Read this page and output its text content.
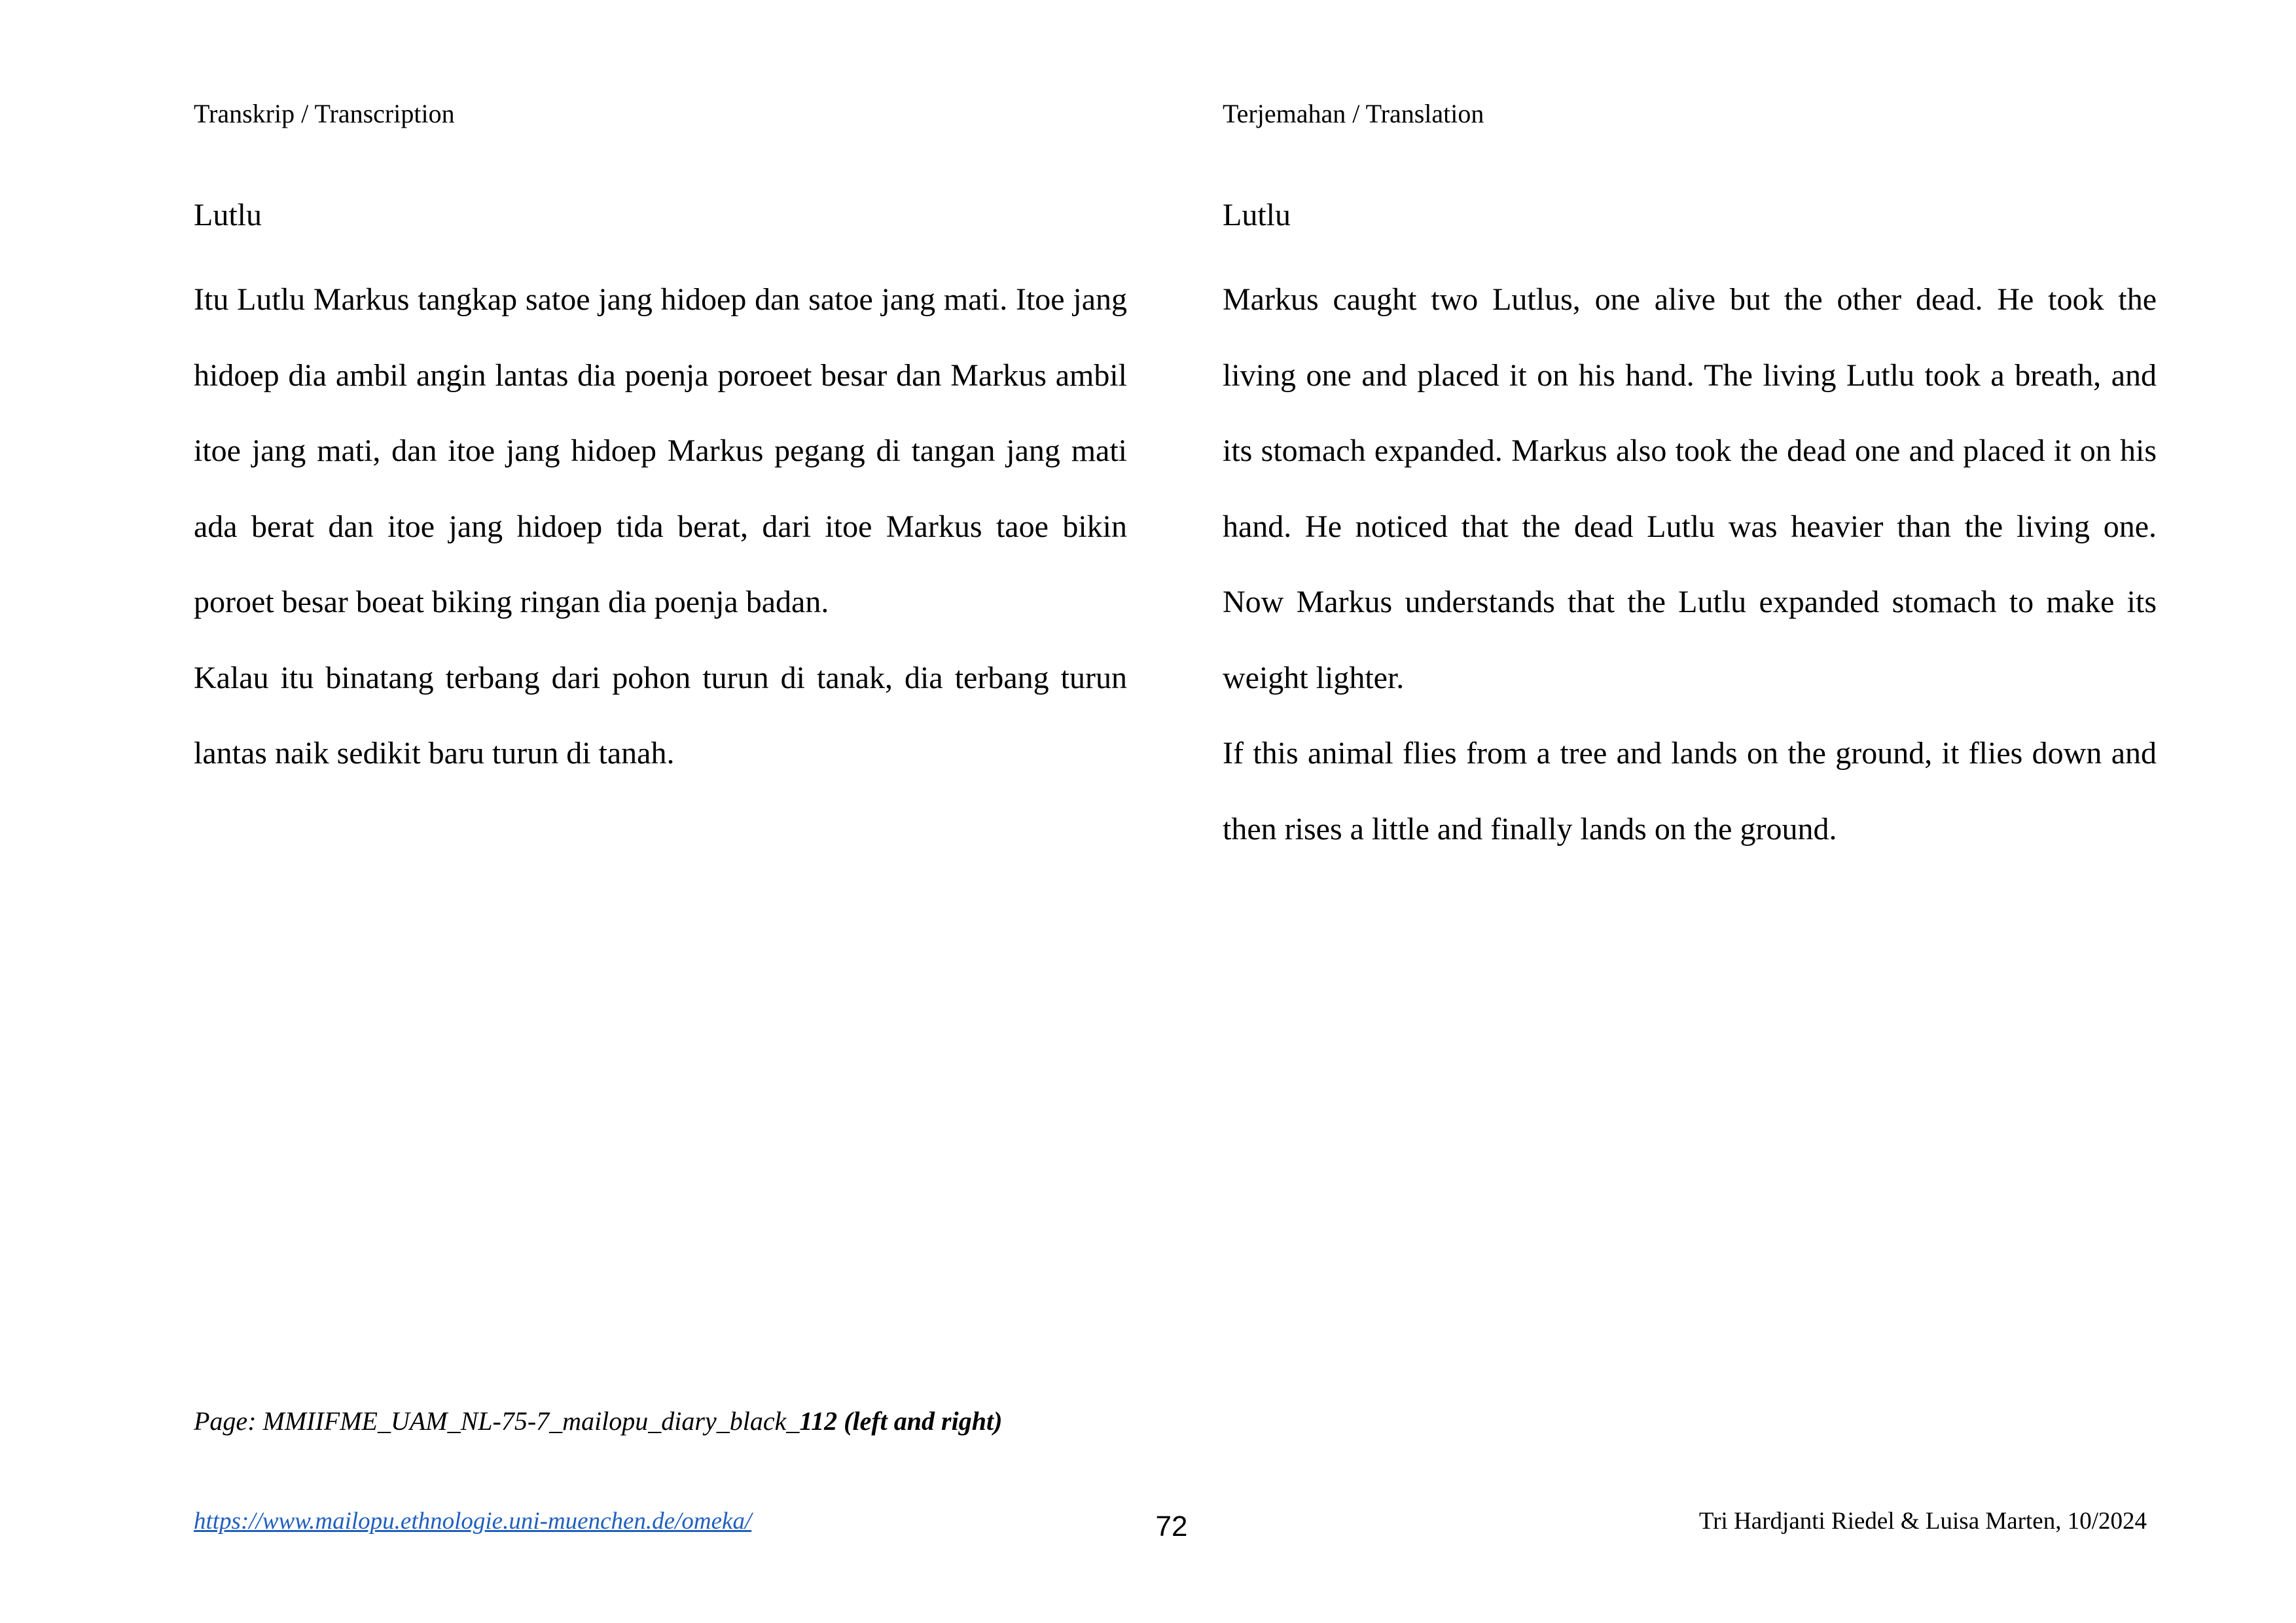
Transkrip / Transcription
Lutlu

Itu Lutlu Markus tangkap satoe jang hidoep dan satoe jang mati. Itoe jang hidoep dia ambil angin lantas dia poenja poroeet besar dan Markus ambil itoe jang mati, dan itoe jang hidoep Markus pegang di tangan jang mati ada berat dan itoe jang hidoep tida berat, dari itoe Markus taoe bikin poroet besar boeat biking ringan dia poenja badan.

Kalau itu binatang terbang dari pohon turun di tanak, dia terbang turun lantas naik sedikit baru turun di tanah.

Terjemahan / Translation
Lutlu

Markus caught two Lutlus, one alive but the other dead. He took the living one and placed it on his hand. The living Lutlu took a breath, and its stomach expanded. Markus also took the dead one and placed it on his hand. He noticed that the dead Lutlu was heavier than the living one. Now Markus understands that the Lutlu expanded stomach to make its weight lighter.

If this animal flies from a tree and lands on the ground, it flies down and then rises a little and finally lands on the ground.

Page: MMIIFME_UAM_NL-75-7_mailopu_diary_black_112 (left and right)
https://www.mailopu.ethnologie.uni-muenchen.de/omeka/	72	Tri Hardjanti Riedel & Luisa Marten, 10/2024
